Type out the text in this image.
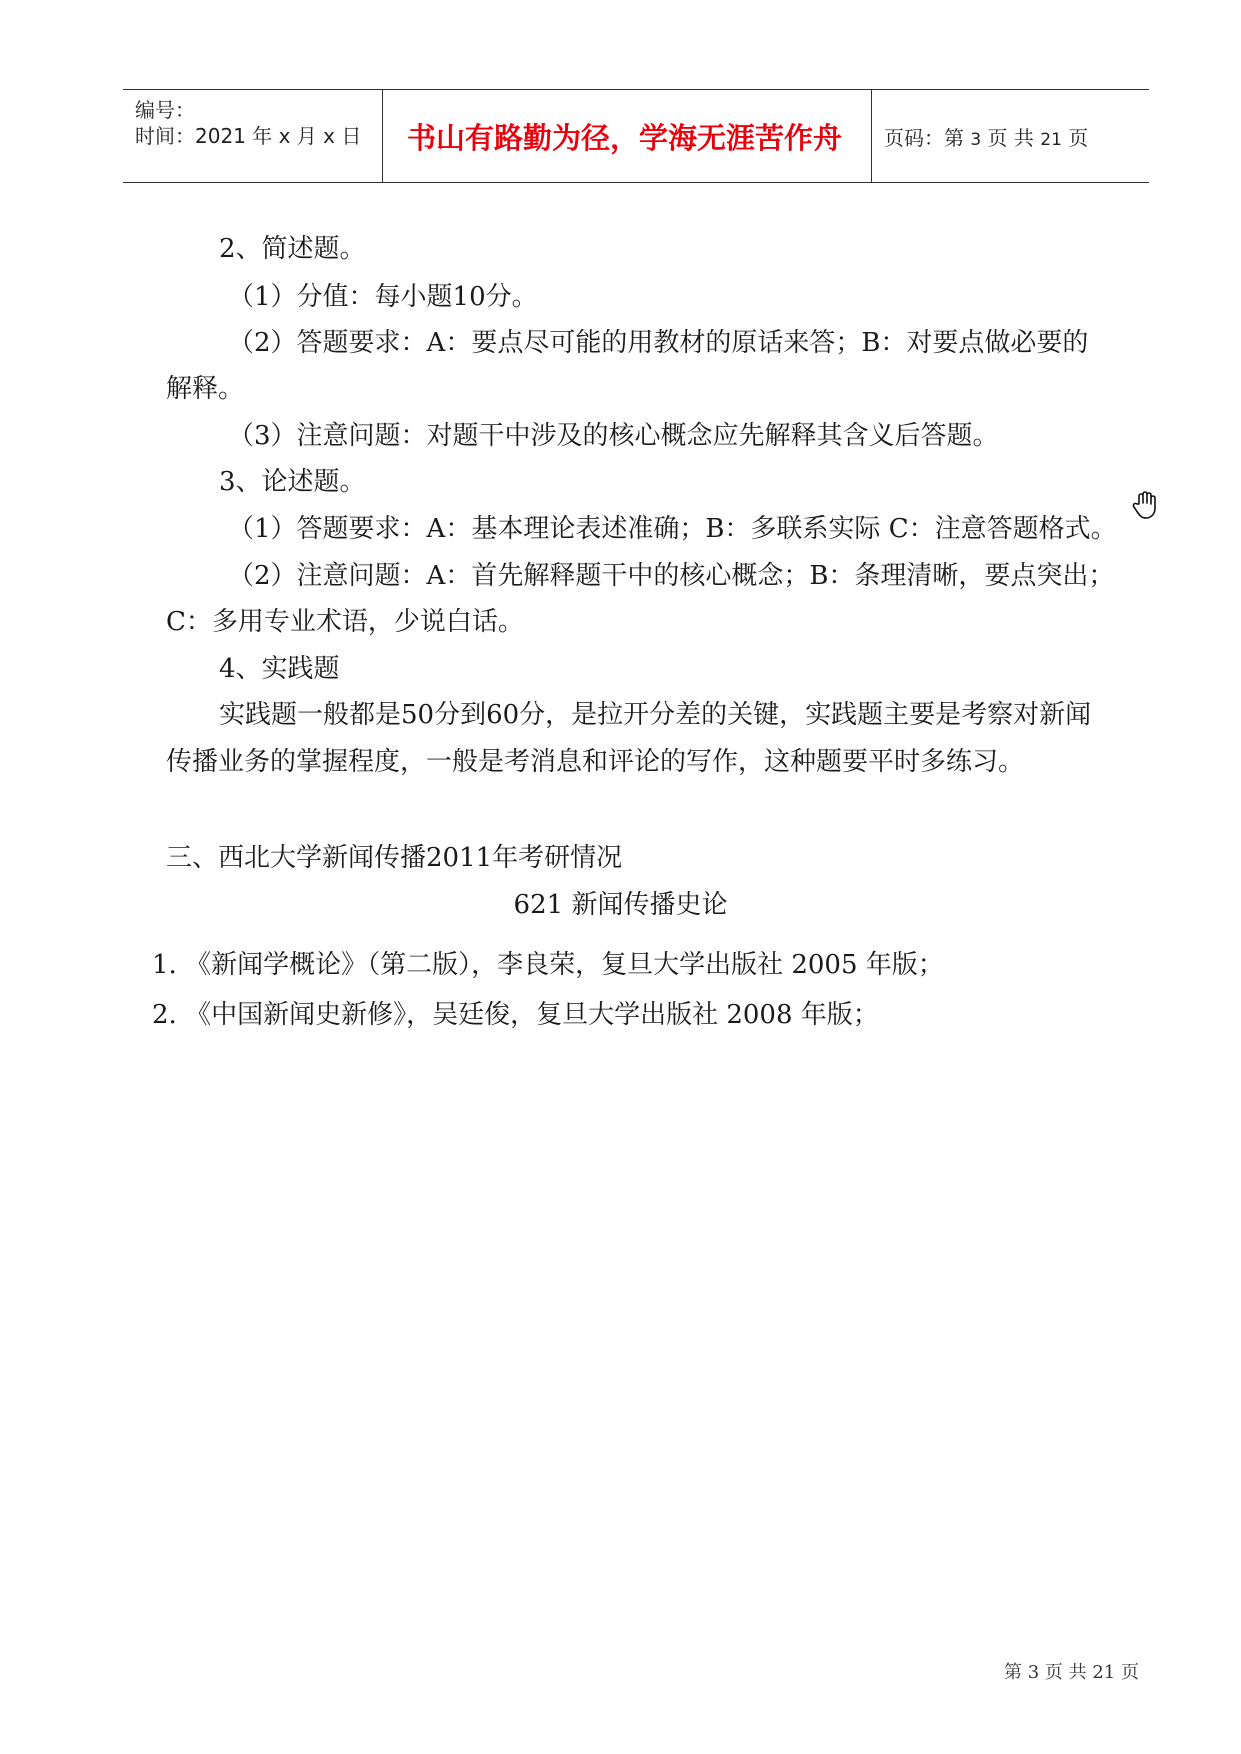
编号：
时间：2021 年 x 月 x 日 书山有路勤为径，学海无涯苦作舟 页码：第 3 页 共 21 页
2、简述题。
（1）分值：每小题10分。
（2）答题要求：A：要点尽可能的用教材的原话来答；B：对要点做必要的
解释。
（3）注意问题：对题干中涉及的核心概念应先解释其含义后答题。
3、论述题。
（1）答题要求：A：基本理论表述准确；B：多联系实际 C：注意答题格式。
（2）注意问题：A：首先解释题干中的核心概念；B：条理清晰，要点突出；
C：多用专业术语，少说白话。
4、实践题
实践题一般都是50分到60分，是拉开分差的关键，实践题主要是考察对新闻
传播业务的掌握程度，一般是考消息和评论的写作，这种题要平时多练习。
三、西北大学新闻传播2011年考研情况
621 新闻传播史论
1. 《新闻学概论》（第二版），李良荣，复旦大学出版社 2005 年版；
2. 《中国新闻史新修》，吴廷俊，复旦大学出版社 2008 年版；
第 3 页 共 21 页
